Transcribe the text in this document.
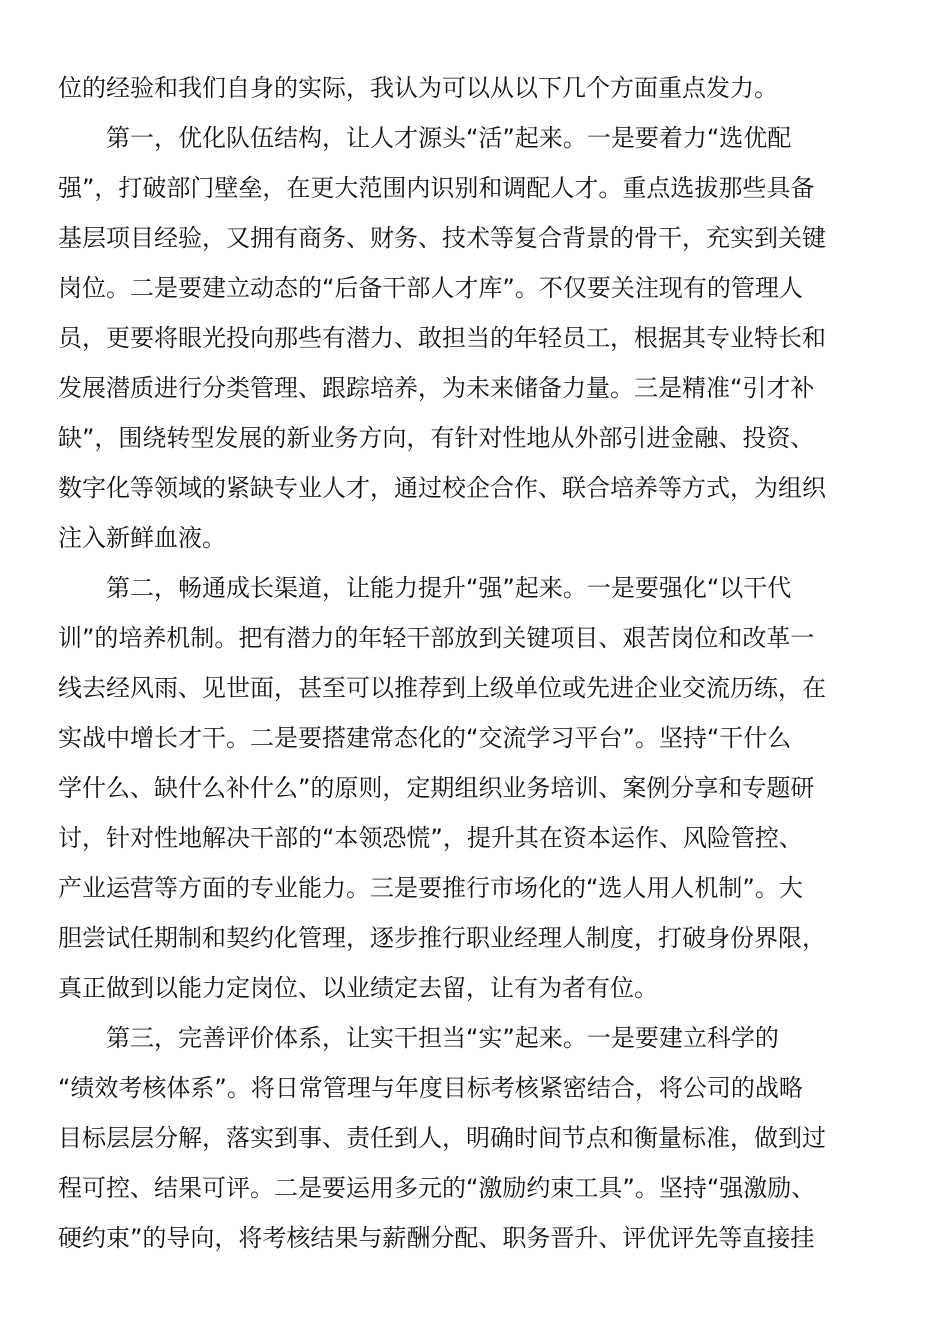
位的经验和我们自身的实际，我认为可以从以下几个方面重点发力。
第一，优化队伍结构，让人才源头“活”起来。一是要着力“选优配
强”，打破部门壁垒，在更大范围内识别和调配人才。重点选拔那些具备
基层项目经验，又拥有商务、财务、技术等复合背景的骨干，充实到关键
岗位。二是要建立动态的“后备干部人才库”。不仅要关注现有的管理人
员，更要将眼光投向那些有潜力、敢担当的年轻员工，根据其专业特长和
发展潜质进行分类管理、跟踪培养，为未来储备力量。三是精准“引才补
缺”，围绕转型发展的新业务方向，有针对性地从外部引进金融、投资、
数字化等领域的紧缺专业人才，通过校企合作、联合培养等方式，为组织
注入新鲜血液。
第二，畅通成长渠道，让能力提升“强”起来。一是要强化“以干代
训”的培养机制。把有潜力的年轻干部放到关键项目、艰苦岗位和改革一
线去经风雨、见世面，甚至可以推荐到上级单位或先进企业交流历练，在
实战中增长才干。二是要搭建常态化的“交流学习平台”。坚持“干什么
学什么、缺什么补什么”的原则，定期组织业务培训、案例分享和专题研
讨，针对性地解决干部的“本领恐慌”，提升其在资本运作、风险管控、
产业运营等方面的专业能力。三是要推行市场化的“选人用人机制”。大
胆尝试任期制和契约化管理，逐步推行职业经理人制度，打破身份界限，
真正做到以能力定岗位、以业绩定去留，让有为者有位。
第三，完善评价体系，让实干担当“实”起来。一是要建立科学的
“绩效考核体系”。将日常管理与年度目标考核紧密结合，将公司的战略
目标层层分解，落实到事、责任到人，明确时间节点和衡量标准，做到过
程可控、结果可评。二是要运用多元的“激励约束工具”。坚持“强激励、
硬约束”的导向，将考核结果与薪酬分配、职务晋升、评优评先等直接挂
